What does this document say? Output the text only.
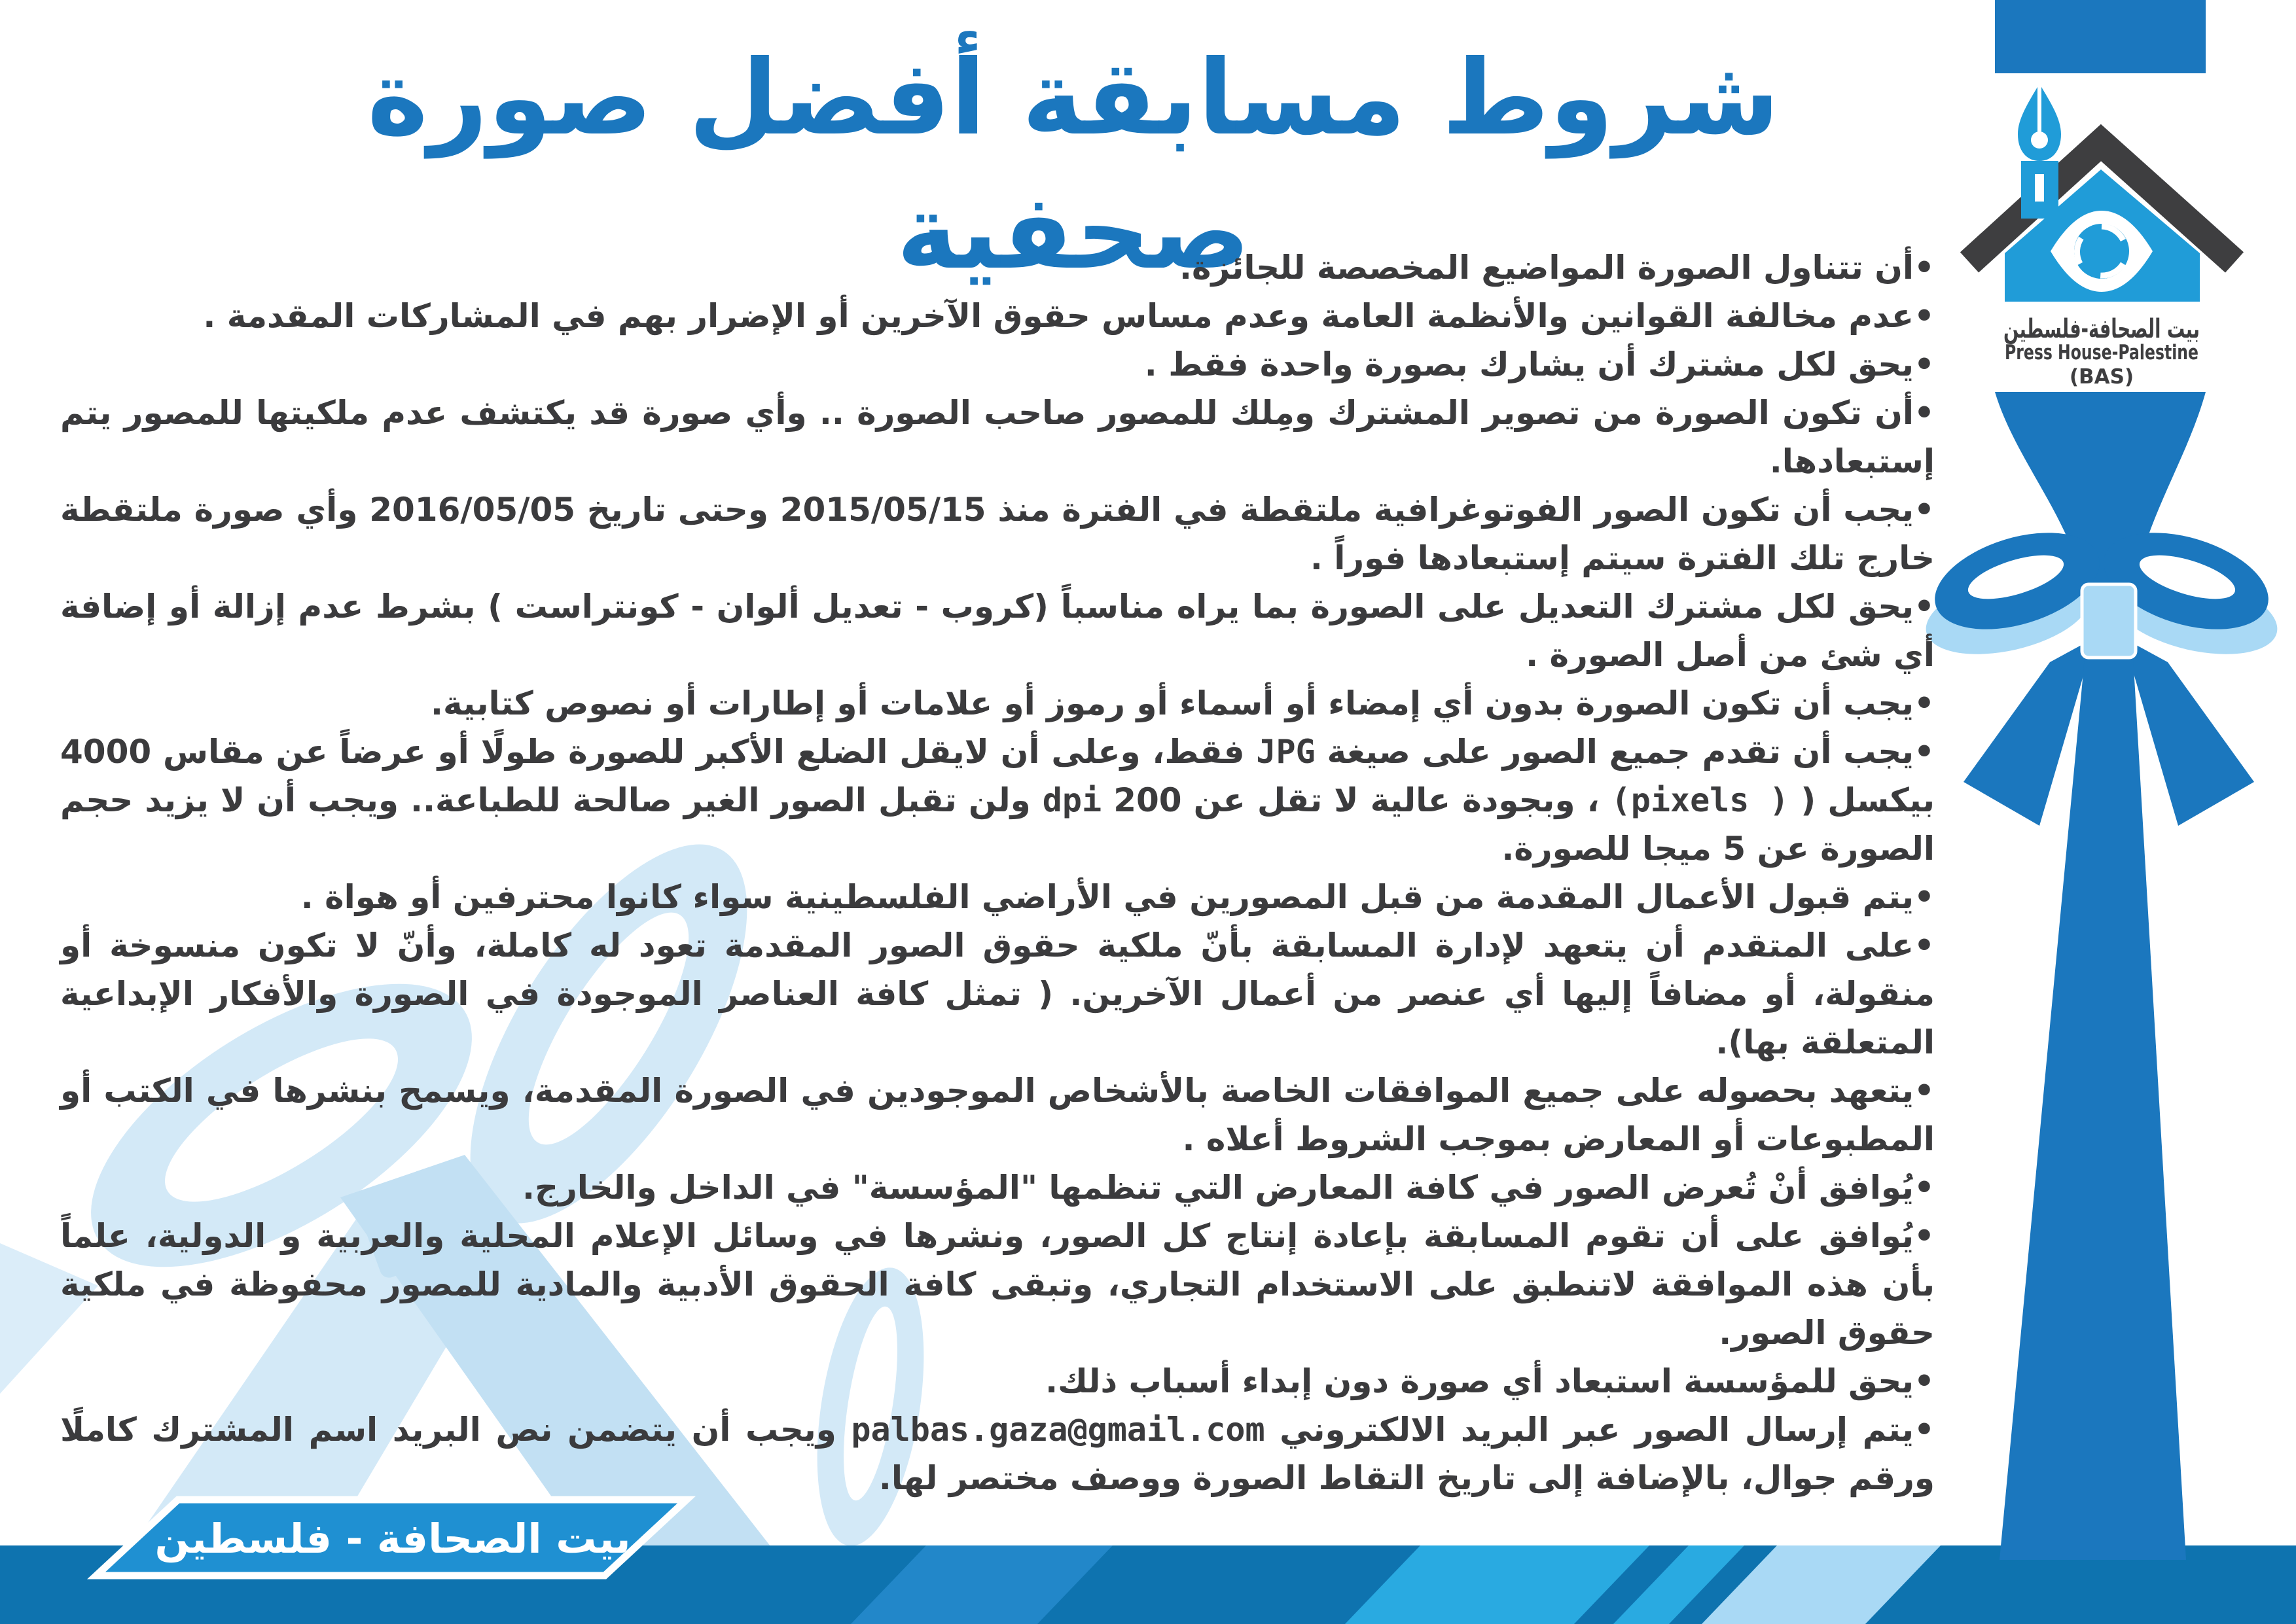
بيت الصحافة - فلسطين
بيت الصحافة-فلسطين
Press House-Palestine
(BAS)
شروط مسابقة أفضل صورة صحفية

•أن تتناول الصورة المواضيع المخصصة للجائزة.

•عدم مخالفة القوانين والأنظمة العامة وعدم مساس حقوق الآخرين أو الإضرار بهم في المشاركات المقدمة .

•يحق لكل مشترك أن يشارك بصورة واحدة فقط .

•أن تكون الصورة من تصوير المشترك ومِلك للمصور صاحب الصورة .. وأي صورة قد يكتشف عدم ملكيتها للمصور يتم إستبعادها.

•يجب أن تكون الصور الفوتوغرافية ملتقطة في الفترة منذ 2015/05/15 وحتى تاريخ 2016/05/05 وأي صورة ملتقطة خارج تلك الفترة سيتم إستبعادها فوراً .

•يحق لكل مشترك التعديل على الصورة بما يراه مناسباً (كروب - تعديل ألوان - كونتراست ) بشرط عدم إزالة أو إضافة أي شئ من أصل الصورة .

•يجب أن تكون الصورة بدون أي إمضاء أو أسماء أو رموز أو علامات أو إطارات أو نصوص كتابية.

•يجب أن تقدم جميع الصور على صيغة JPG فقط، وعلى أن لايقل الضلع الأكبر للصورة طولًا أو عرضاً عن مقاس 4000 بيكسل ( (pixels ) ، وبجودة عالية لا تقل عن 200 dpi ولن تقبل الصور الغير صالحة للطباعة.. ويجب أن لا يزيد حجم الصورة عن 5 ميجا للصورة.

•يتم قبول الأعمال المقدمة من قبل المصورين في الأراضي الفلسطينية سواء كانوا محترفين أو هواة .

•على المتقدم أن يتعهد لإدارة المسابقة بأنّ ملكية حقوق الصور المقدمة تعود له كاملة، وأنّ لا تكون منسوخة أو منقولة، أو مضافاً إليها أي عنصر من أعمال الآخرين. ( تمثل كافة العناصر الموجودة في الصورة والأفكار الإبداعية المتعلقة بها).

•يتعهد بحصوله على جميع الموافقات الخاصة بالأشخاص الموجودين في الصورة المقدمة، ويسمح بنشرها في الكتب أو المطبوعات أو المعارض بموجب الشروط أعلاه .

•يُوافق أنْ تُعرض الصور في كافة المعارض التي تنظمها "المؤسسة" في الداخل والخارج.

•يُوافق على أن تقوم المسابقة بإعادة إنتاج كل الصور، ونشرها في وسائل الإعلام المحلية والعربية و الدولية، علماً بأن هذه الموافقة لاتنطبق على الاستخدام التجاري، وتبقى كافة الحقوق الأدبية والمادية للمصور محفوظة في ملكية حقوق الصور.

•يحق للمؤسسة استبعاد أي صورة دون إبداء أسباب ذلك.

•يتم إرسال الصور عبر البريد الالكتروني palbas.gaza@gmail.com ويجب أن يتضمن نص البريد اسم المشترك كاملًا ورقم جوال، بالإضافة إلى تاريخ التقاط الصورة ووصف مختصر لها.
